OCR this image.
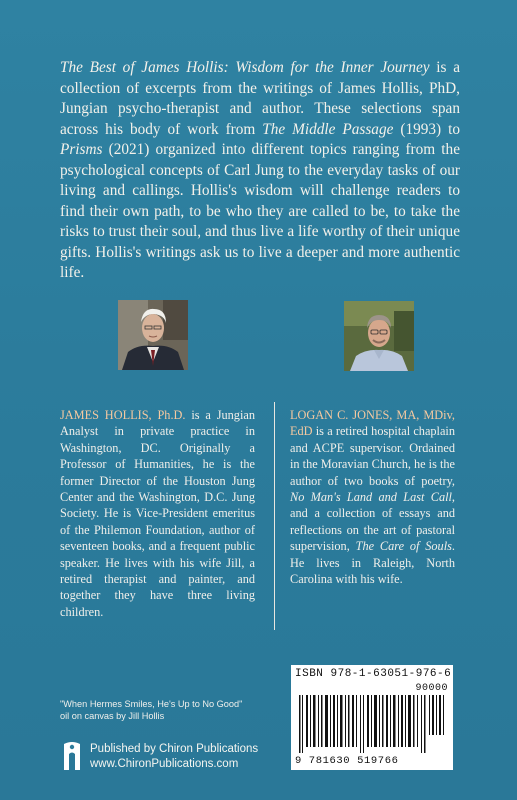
The Best of James Hollis: Wisdom for the Inner Journey is a collection of excerpts from the writings of James Hollis, PhD, Jungian psycho-therapist and author. These selections span across his body of work from The Middle Passage (1993) to Prisms (2021) organized into different topics ranging from the psychological concepts of Carl Jung to the everyday tasks of our living and callings. Hollis's wisdom will challenge readers to find their own path, to be who they are called to be, to take the risks to trust their soul, and thus live a life worthy of their unique gifts. Hollis's writings ask us to live a deeper and more authentic life.
JAMES HOLLIS, Ph.D. is a Jungian Analyst in private practice in Washington, DC. Originally a Professor of Humanities, he is the former Director of the Houston Jung Center and the Washington, D.C. Jung Society. He is Vice-President emeritus of the Philemon Foundation, author of seventeen books, and a frequent public speaker. He lives with his wife Jill, a retired therapist and painter, and together they have three living children.
LOGAN C. JONES, MA, MDiv, EdD is a retired hospital chaplain and ACPE supervisor. Ordained in the Moravian Church, he is the author of two books of poetry, No Man's Land and Last Call, and a collection of essays and reflections on the art of pastoral supervision, The Care of Souls. He lives in Raleigh, North Carolina with his wife.
ISBN 978-1-63051-976-6
90000
9 781630 519766
"When Hermes Smiles, He's Up to No Good"
oil on canvas by Jill Hollis
Published by Chiron Publications
www.ChironPublications.com
